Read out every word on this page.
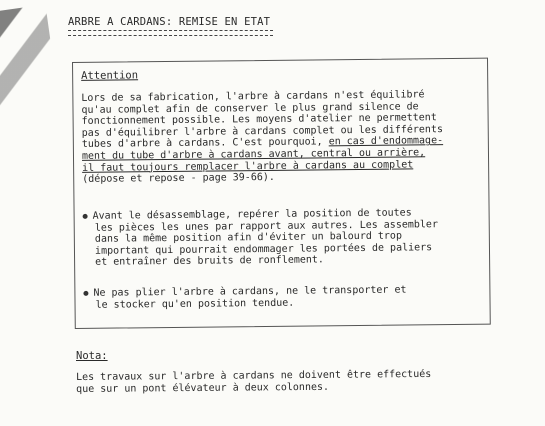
ARBRE A CARDANS: REMISE EN ETAT
Attention
Lors de sa fabrication, l'arbre à cardans n'est équilibré
qu'au complet afin de conserver le plus grand silence de
fonctionnement possible. Les moyens d'atelier ne permettent
pas d'équilibrer l'arbre à cardans complet ou les différents
tubes d'arbre à cardans. C'est pourquoi, en cas d'endommage-
ment du tube d'arbre à cardans avant, central ou arrière,
il faut toujours remplacer l'arbre à cardans au complet
(dépose et repose - page 39-66).
Avant le désassemblage, repérer la position de toutes
les pièces les unes par rapport aux autres. Les assembler
dans la même position afin d'éviter un balourd trop
important qui pourrait endommager les portées de paliers
et entraîner des bruits de ronflement.
Ne pas plier l'arbre à cardans, ne le transporter et
le stocker qu'en position tendue.
Nota:
Les travaux sur l'arbre à cardans ne doivent être effectués
que sur un pont élévateur à deux colonnes.
